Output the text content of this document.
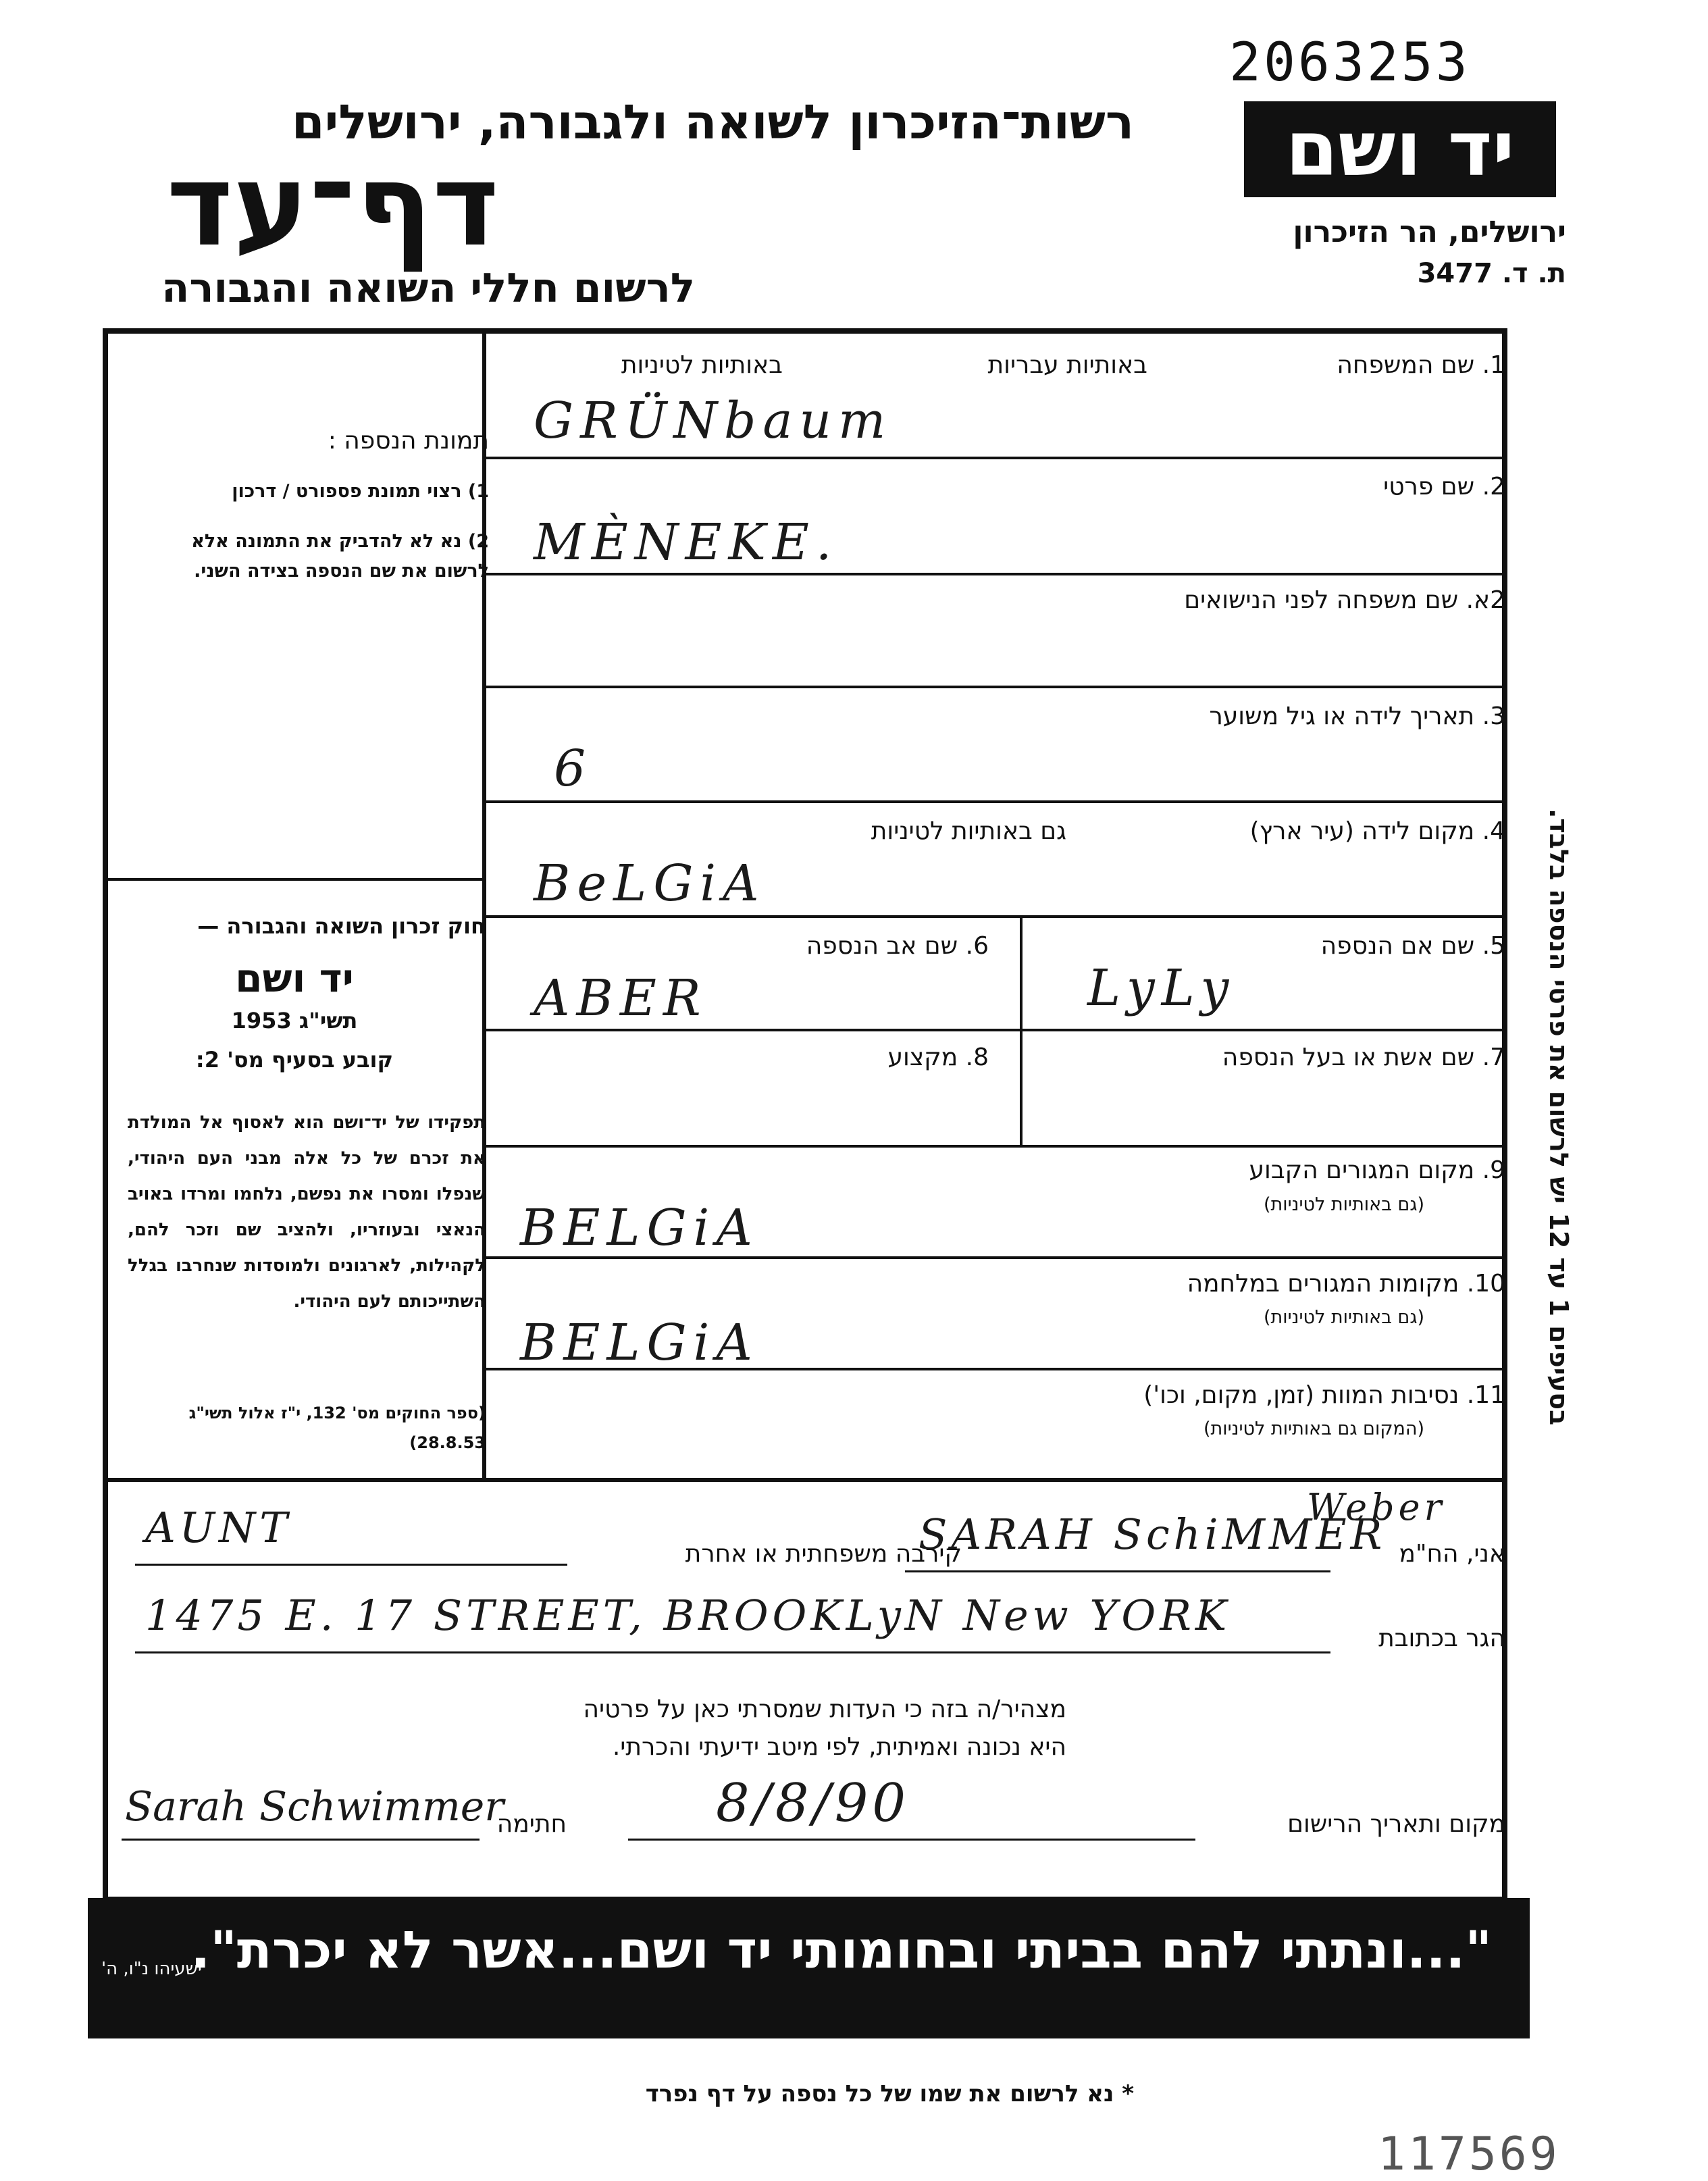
2063253
יד ושם
ירושלים, הר הזיכרון
ת. ד. 3477
רשות־הזיכרון לשואה ולגבורה, ירושלים
דף־עד
לרשום חללי השואה והגבורה
1. שם המשפחה
באותיות עבריות
באותיות לטיניות
GRÜNbaum
2. שם פרטי
MÈNEKE.
2א. שם משפחה לפני הנישואים
3. תאריך לידה או גיל משוער
6
4. מקום לידה (עיר ארץ)
גם באותיות לטיניות
BeLGiA
5. שם אם הנספה
LyLy
6. שם אב הנספה
ABER
7. שם אשת או בעל הנספה
8. מקצוע
9. מקום המגורים הקבוע
(גם באותיות לטיניות)
BELGiA
10. מקומות המגורים במלחמה
(גם באותיות לטיניות)
BELGiA
11. נסיבות המוות (זמן, מקום, וכו')
(המקום גם באותיות לטיניות)
תמונת הנספה :
1) רצוי תמונת פספורט / דרכון
2) נא לא להדביק את התמונה אלא לרשום את שם הנספה בצידה השני.
חוק זכרון השואה והגבורה —
יד ושם
תשי"ג 1953
קובע בסעיף מס' 2:
תפקידו של יד־ושם הוא לאסוף אל המולדת את זכרם של כל אלה מבני העם היהודי, שנפלו ומסרו את נפשם, נלחמו ומרדו באויב הנאצי ובעוזריו, ולהציב שם וזכר להם, לקהילות, לארגונים ולמוסדות שנחרבו בגלל השתייכותם לעם היהודי.
(ספר החוקים מס' 132, י"ז אלול תשי"ג 28.8.53)
בסעיפים 1 עד 12 יש לרשום את פרטי הנספה בלבד.
אני, הח"מ
SARAH SchiMMER
Weber
קירבה משפחתית או אחרת
AUNT
הגר בכתובת
1475 E. 17 STREET, BROOKLyN New YORK
מצהיר/ה בזה כי העדות שמסרתי כאן על פרטיה
היא נכונה ואמיתית, לפי מיטב ידיעתי והכרתי.
מקום ותאריך הרישום
8/8/90
חתימה
Sarah Schwimmer
"...ונתתי להם בביתי ובחומותי יד ושם...אשר לא יכרת".
ישעיהו נ"ו, ה'
* נא לרשום את שמו של כל נספה על דף נפרד
117569
